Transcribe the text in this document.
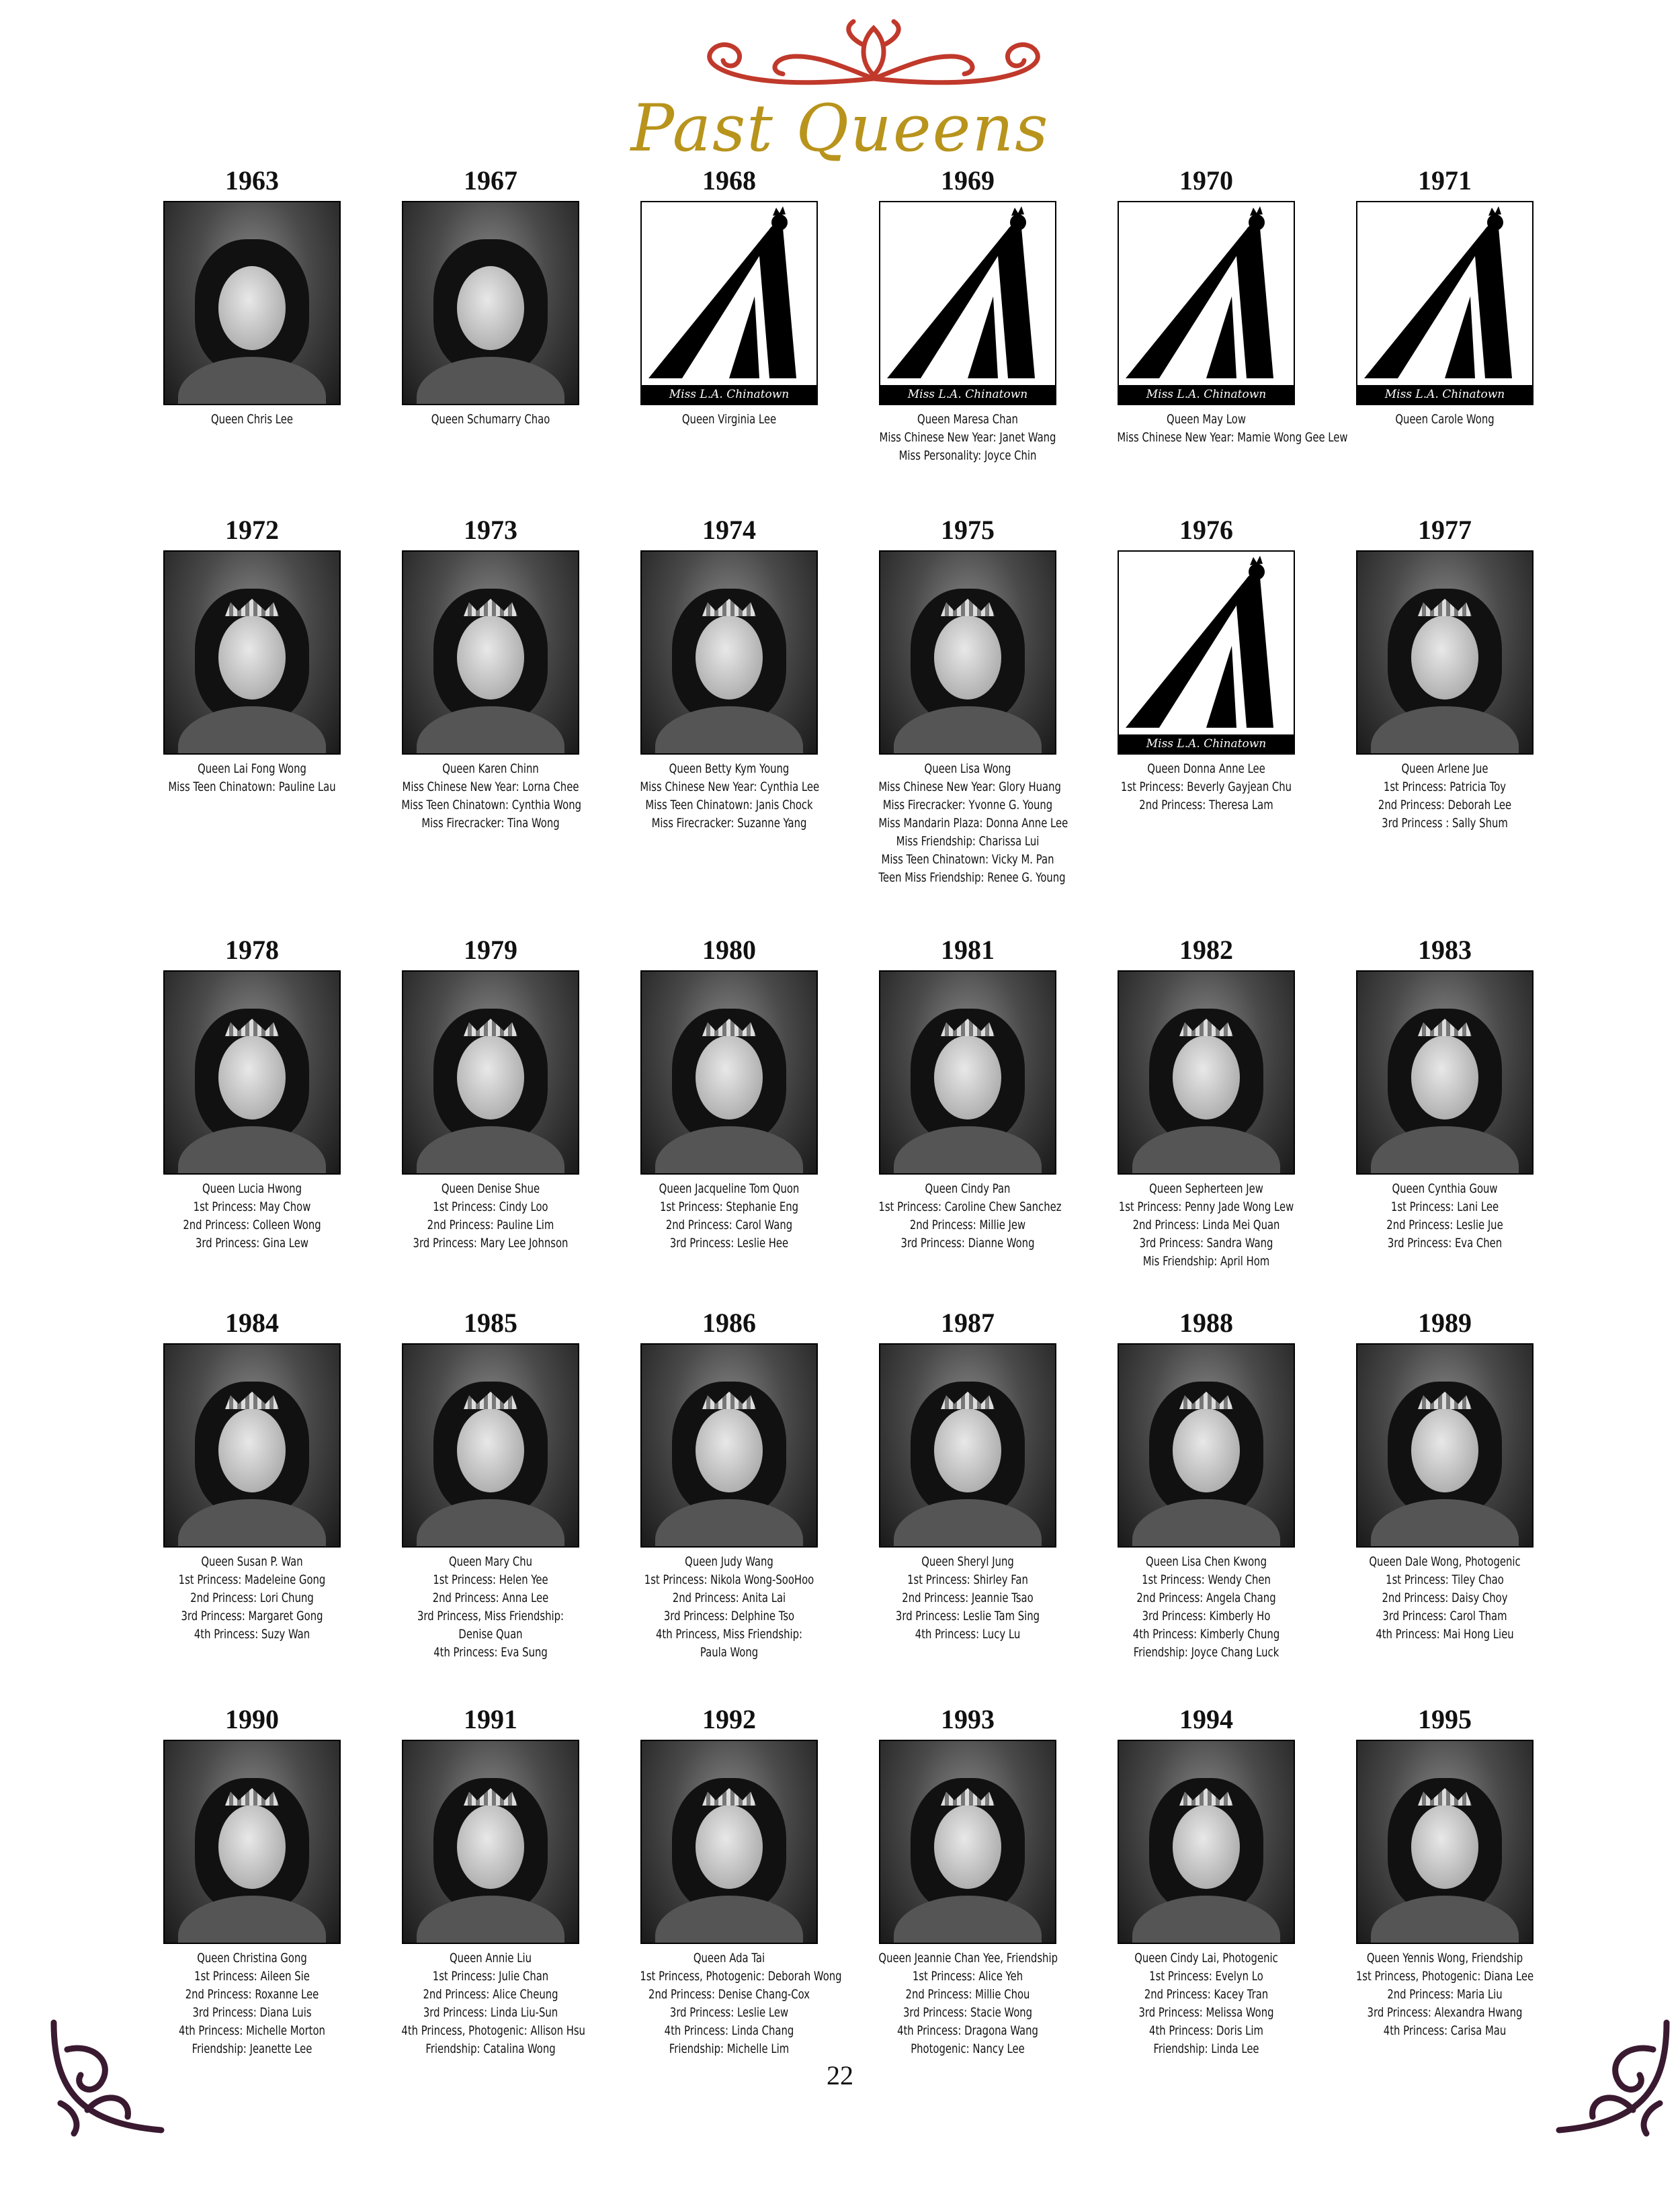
Past Queens
1963
Queen Chris Lee
1967
Queen Schumarry Chao
1968
Miss L.A. Chinatown
Queen Virginia Lee
1969
Miss L.A. Chinatown
Queen Maresa Chan
Miss Chinese New Year: Janet Wang
Miss Personality: Joyce Chin
1970
Miss L.A. Chinatown
Queen May Low
Miss Chinese New Year: Mamie Wong Gee Lew
1971
Miss L.A. Chinatown
Queen Carole Wong
1972
Queen Lai Fong Wong
Miss Teen Chinatown: Pauline Lau
1973
Queen Karen Chinn
Miss Chinese New Year: Lorna Chee
Miss Teen Chinatown: Cynthia Wong
Miss Firecracker: Tina Wong
1974
Queen Betty Kym Young
Miss Chinese New Year: Cynthia Lee
Miss Teen Chinatown: Janis Chock
Miss Firecracker: Suzanne Yang
1975
Queen Lisa Wong
Miss Chinese New Year: Glory Huang
Miss Firecracker: Yvonne G. Young
Miss Mandarin Plaza: Donna Anne Lee
Miss Friendship: Charissa Lui
Miss Teen Chinatown: Vicky M. Pan
Teen Miss Friendship: Renee G. Young
1976
Miss L.A. Chinatown
Queen Donna Anne Lee
1st Princess: Beverly Gayjean Chu
2nd Princess: Theresa Lam
1977
Queen Arlene Jue
1st Princess: Patricia Toy
2nd Princess: Deborah Lee
3rd Princess : Sally Shum
1978
Queen Lucia Hwong
1st Princess: May Chow
2nd Princess: Colleen Wong
3rd Princess: Gina Lew
1979
Queen Denise Shue
1st Princess: Cindy Loo
2nd Princess: Pauline Lim
3rd Princess: Mary Lee Johnson
1980
Queen Jacqueline Tom Quon
1st Princess: Stephanie Eng
2nd Princess: Carol Wang
3rd Princess: Leslie Hee
1981
Queen Cindy Pan
1st Princess: Caroline Chew Sanchez
2nd Princess: Millie Jew
3rd Princess: Dianne Wong
1982
Queen Sepherteen Jew
1st Princess: Penny Jade Wong Lew
2nd Princess: Linda Mei Quan
3rd Princess: Sandra Wang
Mis Friendship: April Hom
1983
Queen Cynthia Gouw
1st Princess: Lani Lee
2nd Princess: Leslie Jue
3rd Princess: Eva Chen
1984
Queen Susan P. Wan
1st Princess: Madeleine Gong
2nd Princess: Lori Chung
3rd Princess: Margaret Gong
4th Princess: Suzy Wan
1985
Queen Mary Chu
1st Princess: Helen Yee
2nd Princess: Anna Lee
3rd Princess, Miss Friendship:
Denise Quan
4th Princess: Eva Sung
1986
Queen Judy Wang
1st Princess: Nikola Wong-SooHoo
2nd Princess: Anita Lai
3rd Princess: Delphine Tso
4th Princess, Miss Friendship:
Paula Wong
1987
Queen Sheryl Jung
1st Princess: Shirley Fan
2nd Princess: Jeannie Tsao
3rd Princess: Leslie Tam Sing
4th Princess: Lucy Lu
1988
Queen Lisa Chen Kwong
1st Princess: Wendy Chen
2nd Princess: Angela Chang
3rd Princess: Kimberly Ho
4th Princess: Kimberly Chung
Friendship: Joyce Chang Luck
1989
Queen Dale Wong, Photogenic
1st Princess: Tiley Chao
2nd Princess: Daisy Choy
3rd Princess: Carol Tham
4th Princess: Mai Hong Lieu
1990
Queen Christina Gong
1st Princess: Aileen Sie
2nd Princess: Roxanne Lee
3rd Princess: Diana Luis
4th Princess: Michelle Morton
Friendship: Jeanette Lee
1991
Queen Annie Liu
1st Princess: Julie Chan
2nd Princess: Alice Cheung
3rd Princess: Linda Liu-Sun
4th Princess, Photogenic: Allison Hsu
Friendship: Catalina Wong
1992
Queen Ada Tai
1st Princess, Photogenic: Deborah Wong
2nd Princess: Denise Chang-Cox
3rd Princess: Leslie Lew
4th Princess: Linda Chang
Friendship: Michelle Lim
1993
Queen Jeannie Chan Yee, Friendship
1st Princess: Alice Yeh
2nd Princess: Millie Chou
3rd Princess: Stacie Wong
4th Princess: Dragona Wang
Photogenic: Nancy Lee
1994
Queen Cindy Lai, Photogenic
1st Princess: Evelyn Lo
2nd Princess: Kacey Tran
3rd Princess: Melissa Wong
4th Princess: Doris Lim
Friendship: Linda Lee
1995
Queen Yennis Wong, Friendship
1st Princess, Photogenic: Diana Lee
2nd Princess: Maria Liu
3rd Princess: Alexandra Hwang
4th Princess: Carisa Mau
22
